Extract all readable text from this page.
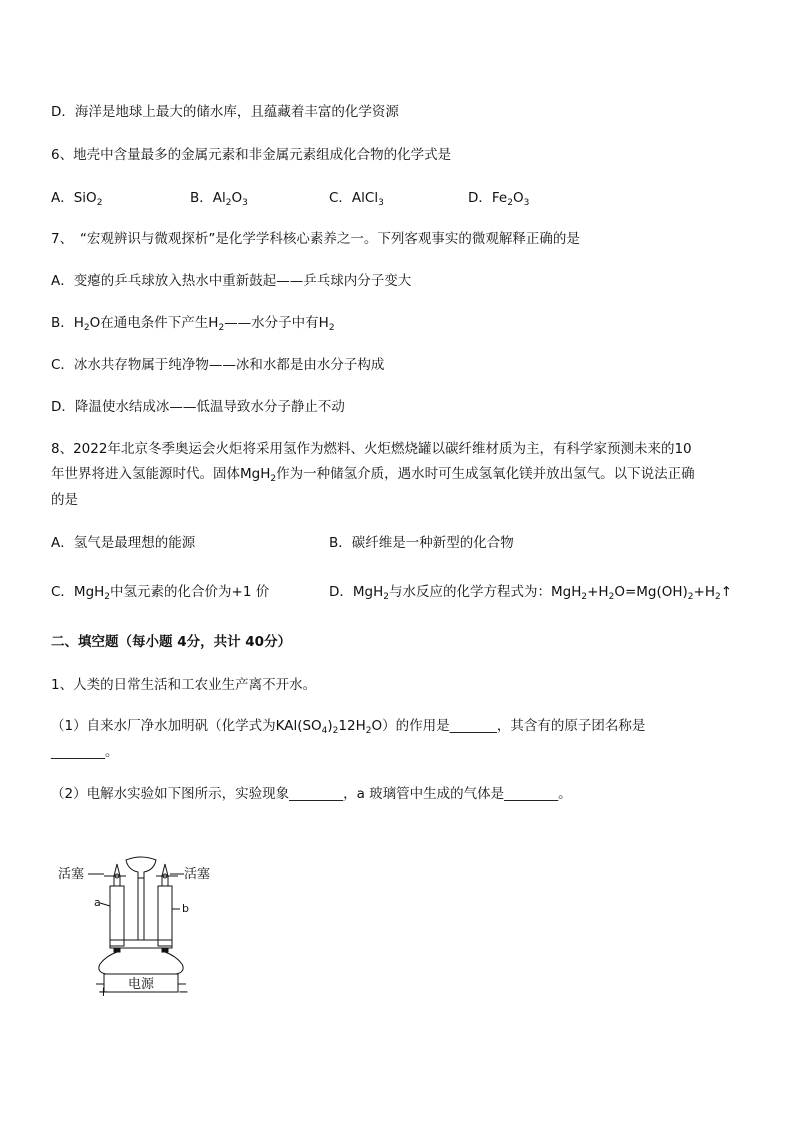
D．海洋是地球上最大的储水库，且蕴藏着丰富的化学资源
6、地壳中含量最多的金属元素和非金属元素组成化合物的化学式是
A．SiO$_2$	B．$Al_2O_3$	C．AlCl$_3$	D．$Fe_2O_3$
7、　“宏观辨识与微观探析”是化学学科核心素养之一。下列客观事实的微观解释正确的是
A．变瘪的乒乓球放入热水中重新鼓起——乒乓球内分子变大
B．$H_2O$在通电条件下产生$H_2——$水分子中有$H_2$
C．冰水共存物属于纯净物——冰和水都是由水分子构成
D．降温使水结成冰——低温导致水分子静止不动
8、2022年北京冬季奥运会火炬将采用氢作为燃料、火炬燃烧罐以碳纤维材质为主，有科学家预测未来的10
年世界将进入氢能源时代。固体MgH$_2$作为一种储氢介质，遇水时可生成氢氧化镁并放出氢气。以下说法正确
的是
A．氢气是最理想的能源	B．碳纤维是一种新型的化合物
C．MgH$_2$中氢元素的化合价为+1 价	D．MgH$_2$与水反应的化学方程式为：$MgH_2+H_2O=Mg(OH)_2+H_2↑$
二、填空题（每小题 4分，共计 40分）
1、人类的日常生活和工农业生产离不开水。
（1）自来水厂净水加明矾（化学式为$KAl(SO_4)_212H_2O$）的作用是_______，其含有的原子团名称是
________。
（2）电解水实验如下图所示，实验现象________，a 玻璃管中生成的气体是________。
活塞	活塞
a	b
电源
+	−
